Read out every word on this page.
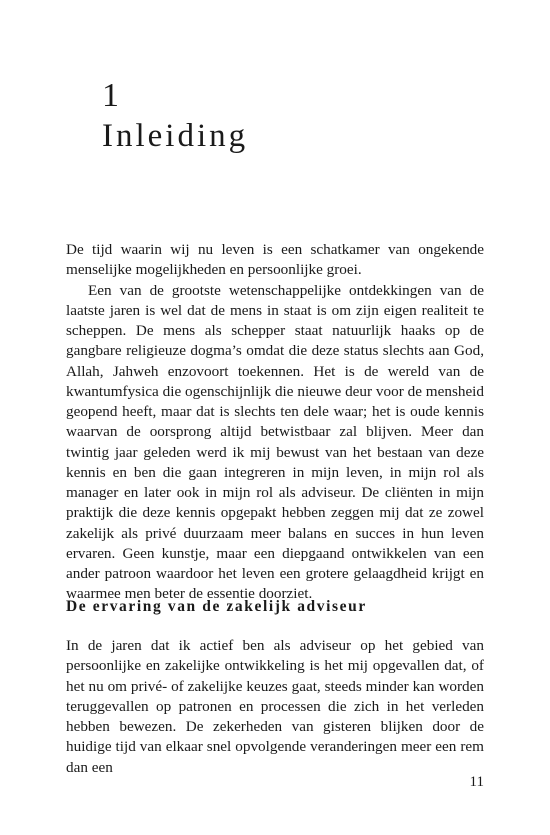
1
Inleiding

De tijd waarin wij nu leven is een schatkamer van ongekende menselijke mogelijkheden en persoonlijke groei.

Een van de grootste wetenschappelijke ontdekkingen van de laatste jaren is wel dat de mens in staat is om zijn eigen realiteit te scheppen. De mens als schepper staat natuurlijk haaks op de gangbare religieuze dogma’s omdat die deze status slechts aan God, Allah, Jahweh enzovoort toekennen. Het is de wereld van de kwantumfysica die ogenschijnlijk die nieuwe deur voor de mensheid geopend heeft, maar dat is slechts ten dele waar; het is oude kennis waarvan de oorsprong altijd betwistbaar zal blijven. Meer dan twintig jaar geleden werd ik mij bewust van het bestaan van deze kennis en ben die gaan integreren in mijn leven, in mijn rol als manager en later ook in mijn rol als adviseur. De cliënten in mijn praktijk die deze kennis opgepakt hebben zeggen mij dat ze zowel zakelijk als privé duurzaam meer balans en succes in hun leven ervaren. Geen kunstje, maar een diepgaand ontwikkelen van een ander patroon waardoor het leven een grotere gelaagdheid krijgt en waarmee men beter de essentie doorziet.

De ervaring van de zakelijk adviseur

In de jaren dat ik actief ben als adviseur op het gebied van persoonlijke en zakelijke ontwikkeling is het mij opgevallen dat, of het nu om privé- of zakelijke keuzes gaat, steeds minder kan worden teruggevallen op patronen en processen die zich in het verleden hebben bewezen. De zekerheden van gisteren blijken door de huidige tijd van elkaar snel opvolgende veranderingen meer een rem dan een

11
